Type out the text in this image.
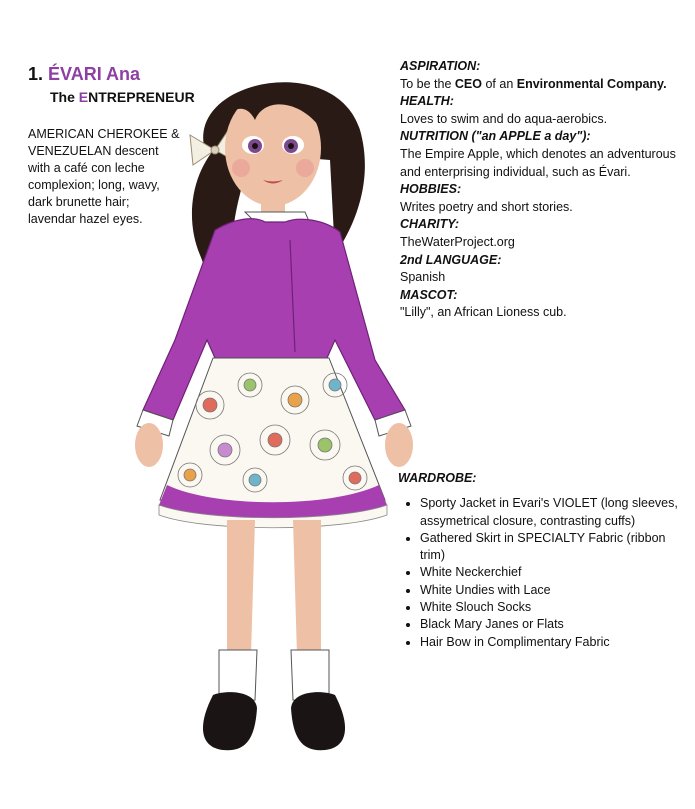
1. ÉVARI Ana
The ENTREPRENEUR
AMERICAN CHEROKEE &
VENEZUELAN descent
with a café con leche
complexion; long, wavy,
dark brunette hair;
lavendar hazel eyes.
ASPIRATION:
To be the CEO of an Environmental Company.
HEALTH:
Loves to swim and do aqua-aerobics.
NUTRITION ("an APPLE a day"):
The Empire Apple, which denotes an adventurous and enterprising individual, such as Évari.
HOBBIES:
Writes poetry and short stories.
CHARITY:
TheWaterProject.org
2nd LANGUAGE:
Spanish
MASCOT:
"Lilly", an African Lioness cub.
WARDROBE:
• Sporty Jacket in Evari's VIOLET (long sleeves, assymetrical closure, contrasting cuffs)
• Gathered Skirt in SPECIALTY Fabric (ribbon trim)
• White Neckerchief
• White Undies with Lace
• White Slouch Socks
• Black Mary Janes or Flats
• Hair Bow in Complimentary Fabric
